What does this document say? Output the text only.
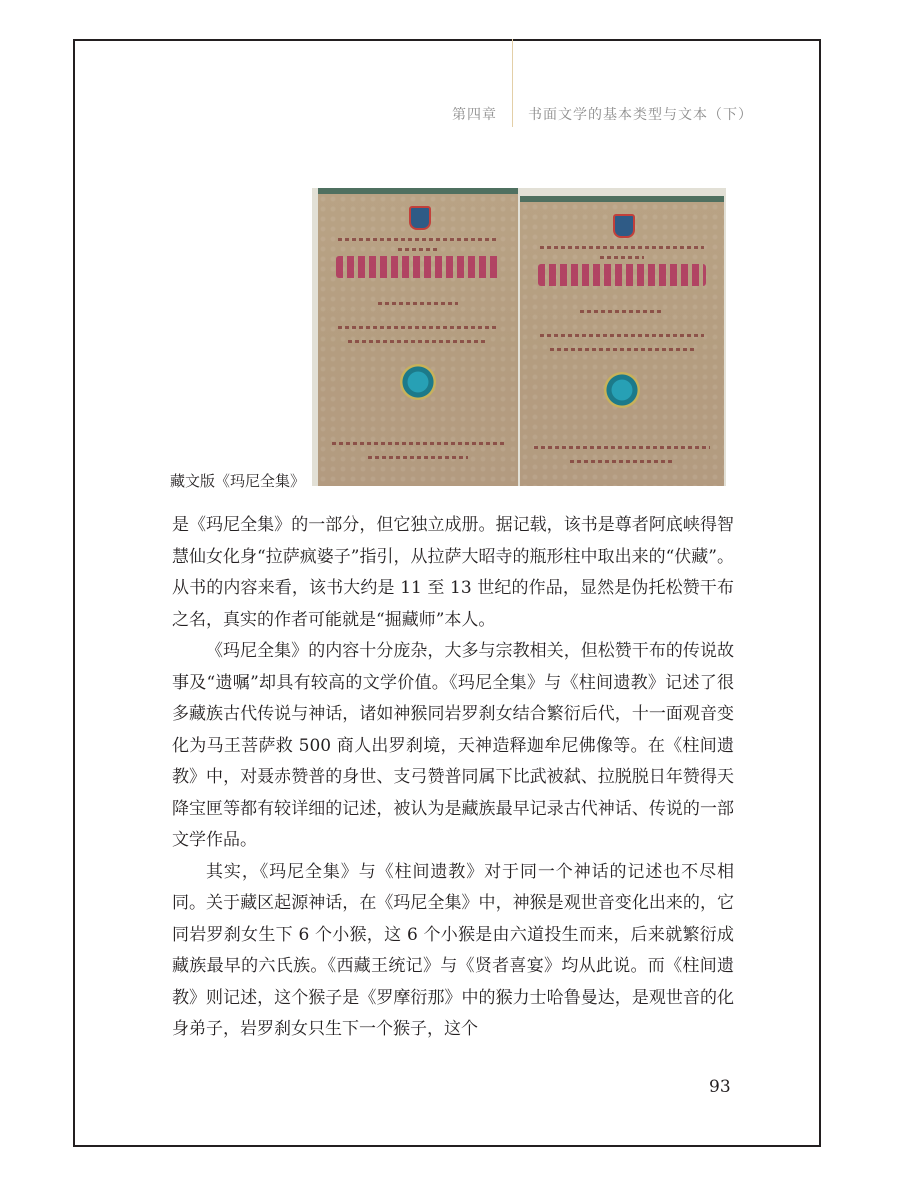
第四章 书面文学的基本类型与文本（下）
藏文版《玛尼全集》

是《玛尼全集》的一部分，但它独立成册。据记载，该书是尊者阿底峡得智慧仙女化身“拉萨疯婆子”指引，从拉萨大昭寺的瓶形柱中取出来的“伏藏”。从书的内容来看，该书大约是 11 至 13 世纪的作品，显然是伪托松赞干布之名，真实的作者可能就是“掘藏师”本人。

《玛尼全集》的内容十分庞杂，大多与宗教相关，但松赞干布的传说故事及“遗嘱”却具有较高的文学价值。《玛尼全集》与《柱间遗教》记述了很多藏族古代传说与神话，诸如神猴同岩罗刹女结合繁衍后代，十一面观音变化为马王菩萨救 500 商人出罗刹境，天神造释迦牟尼佛像等。在《柱间遗教》中，对聂赤赞普的身世、支弓赞普同属下比武被弑、拉脱脱日年赞得天降宝匣等都有较详细的记述，被认为是藏族最早记录古代神话、传说的一部文学作品。

其实，《玛尼全集》与《柱间遗教》对于同一个神话的记述也不尽相同。关于藏区起源神话，在《玛尼全集》中，神猴是观世音变化出来的，它同岩罗刹女生下 6 个小猴，这 6 个小猴是由六道投生而来，后来就繁衍成藏族最早的六氏族。《西藏王统记》与《贤者喜宴》均从此说。而《柱间遗教》则记述，这个猴子是《罗摩衍那》中的猴力士哈鲁曼达，是观世音的化身弟子，岩罗刹女只生下一个猴子，这个

93
